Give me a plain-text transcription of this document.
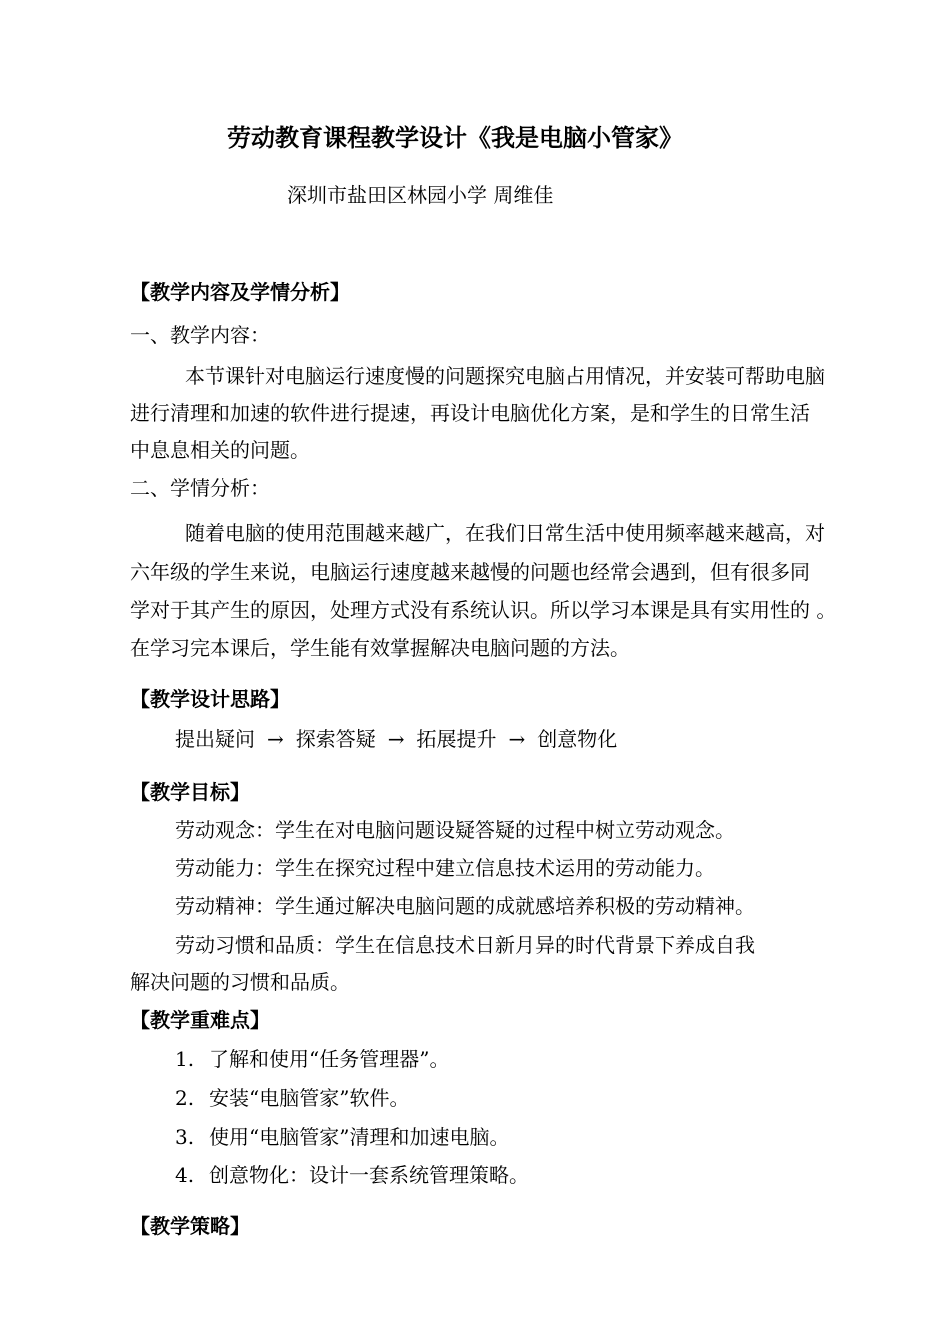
劳动教育课程教学设计《我是电脑小管家》
深圳市盐田区林园小学 周维佳
【教学内容及学情分析】
一、教学内容：
本节课针对电脑运行速度慢的问题探究电脑占用情况，并安装可帮助电脑
进行清理和加速的软件进行提速，再设计电脑优化方案，是和学生的日常生活
中息息相关的问题。
二、学情分析：
随着电脑的使用范围越来越广，在我们日常生活中使用频率越来越高，对
六年级的学生来说，电脑运行速度越来越慢的问题也经常会遇到，但有很多同
学对于其产生的原因，处理方式没有系统认识。所以学习本课是具有实用性的 。
在学习完本课后，学生能有效掌握解决电脑问题的方法。
【教学设计思路】
提出疑问 → 探索答疑 → 拓展提升 → 创意物化
【教学目标】
劳动观念：学生在对电脑问题设疑答疑的过程中树立劳动观念。
劳动能力：学生在探究过程中建立信息技术运用的劳动能力。
劳动精神：学生通过解决电脑问题的成就感培养积极的劳动精神。
劳动习惯和品质：学生在信息技术日新月异的时代背景下养成自我
解决问题的习惯和品质。
【教学重难点】
1. 了解和使用“任务管理器”。
2. 安装“电脑管家”软件。
3. 使用“电脑管家”清理和加速电脑。
4. 创意物化：设计一套系统管理策略。
【教学策略】
